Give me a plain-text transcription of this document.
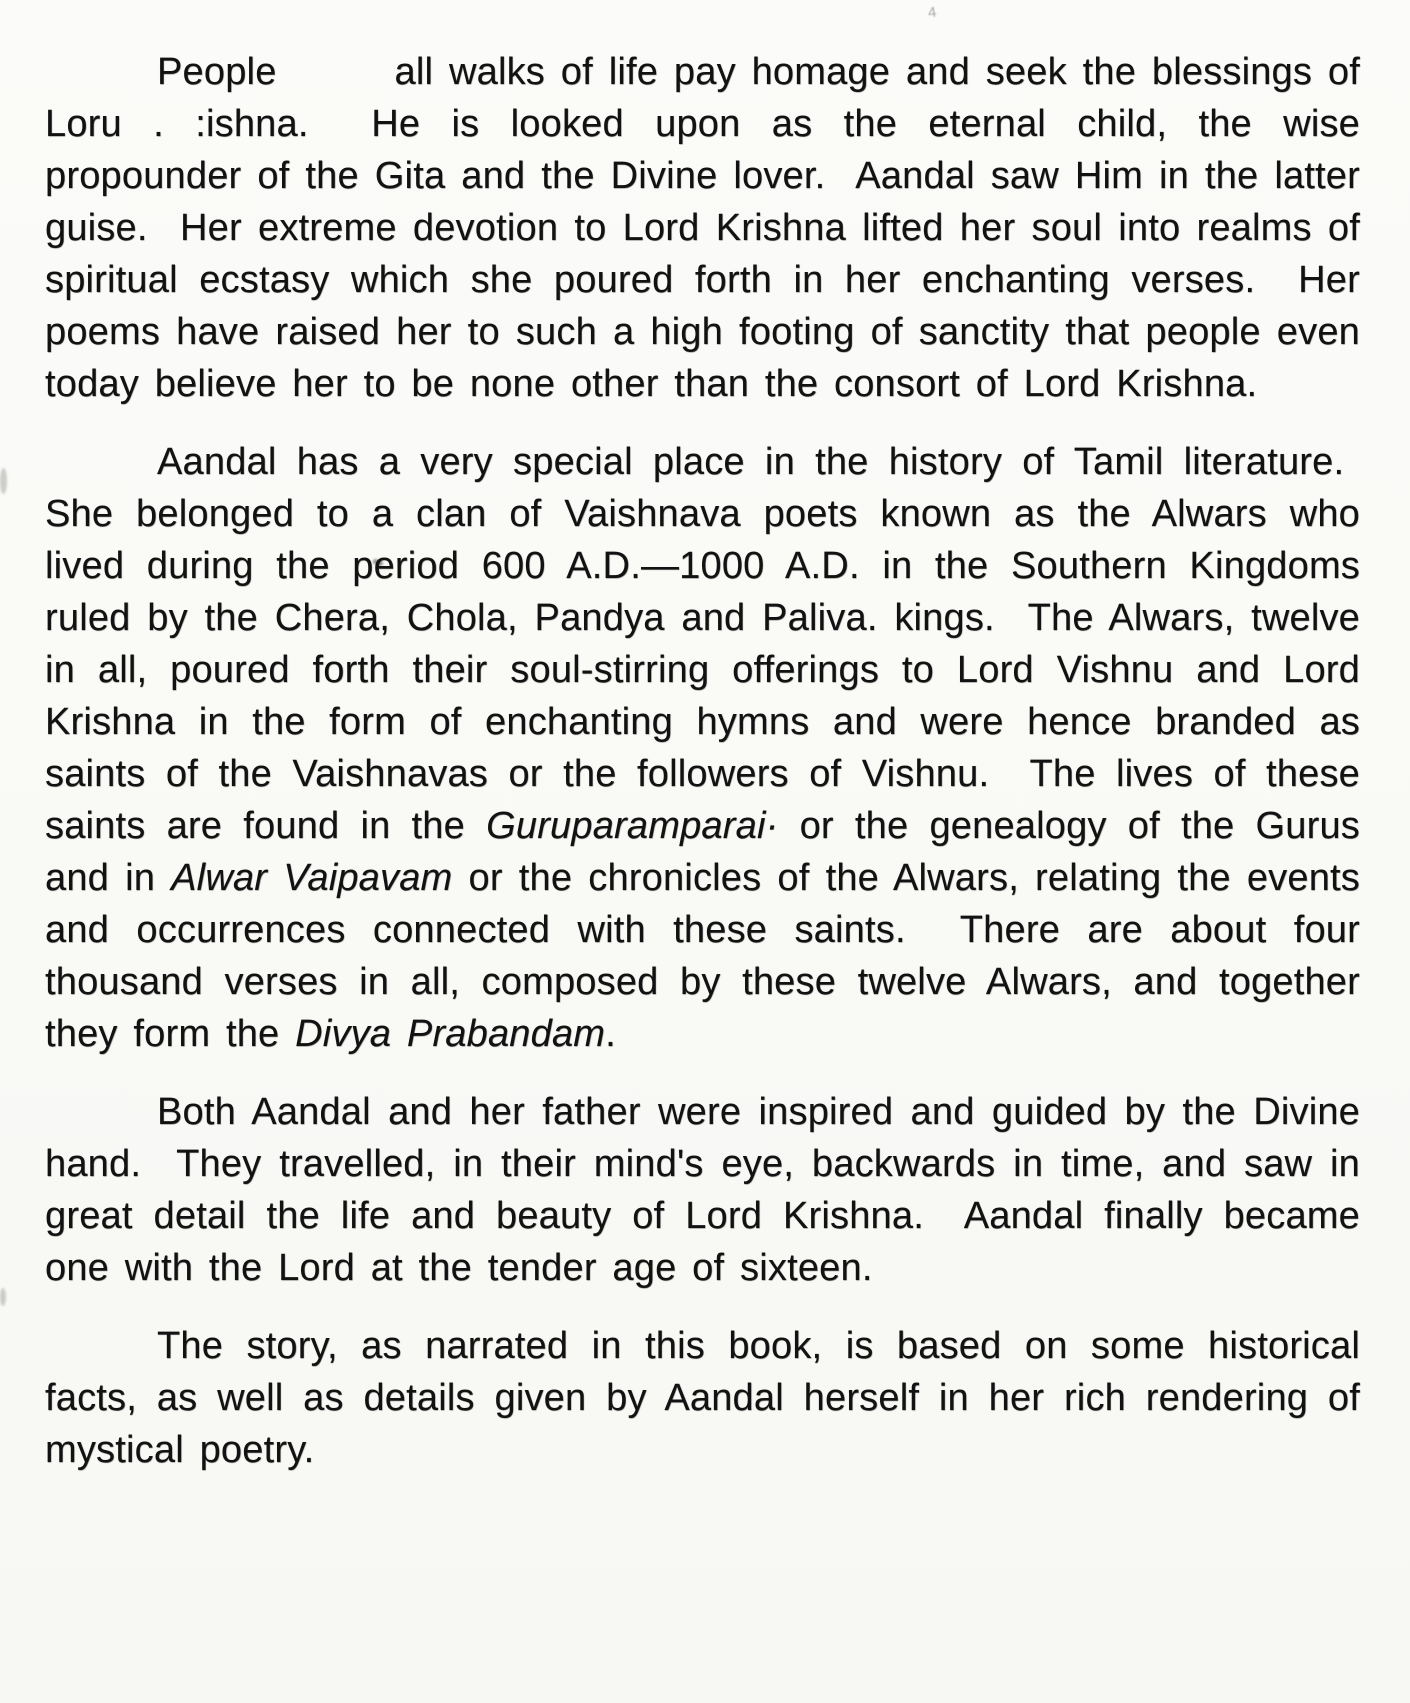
4

People	all walks of life pay homage and seek the blessings of Loru . :ishna.  He is looked upon as the eternal child, the wise propounder of the Gita and the Divine lover.  Aandal saw Him in the latter guise.  Her extreme devotion to Lord Krishna lifted her soul into realms of spiritual ecstasy which she poured forth in her enchanting verses.  Her poems have raised her to such a high footing of sanctity that people even today believe her to be none other than the consort of Lord Krishna.

Aandal has a very special place in the history of Tamil literature.  She belonged to a clan of Vaishnava poets known as the Alwars who lived during the period 600 A.D.—1000 A.D. in the Southern Kingdoms ruled by the Chera, Chola, Pandya and Paliva. kings.  The Alwars, twelve in all, poured forth their soul-stirring offerings to Lord Vishnu and Lord Krishna in the form of enchanting hymns and were hence branded as saints of the Vaishnavas or the followers of Vishnu.  The lives of these saints are found in the Guruparamparai· or the genealogy of the Gurus and in Alwar Vaipavam or the chronicles of the Alwars, relating the events and occurrences connected with these saints.  There are about four thousand verses in all, composed by these twelve Alwars, and together they form the Divya Prabandam.

Both Aandal and her father were inspired and guided by the Divine hand.  They travelled, in their mind's eye, backwards in time, and saw in great detail the life and beauty of Lord Krishna.  Aandal finally became one with the Lord at the tender age of sixteen.

The story, as narrated in this book, is based on some historical facts, as well as details given by Aandal herself in her rich rendering of mystical poetry.
